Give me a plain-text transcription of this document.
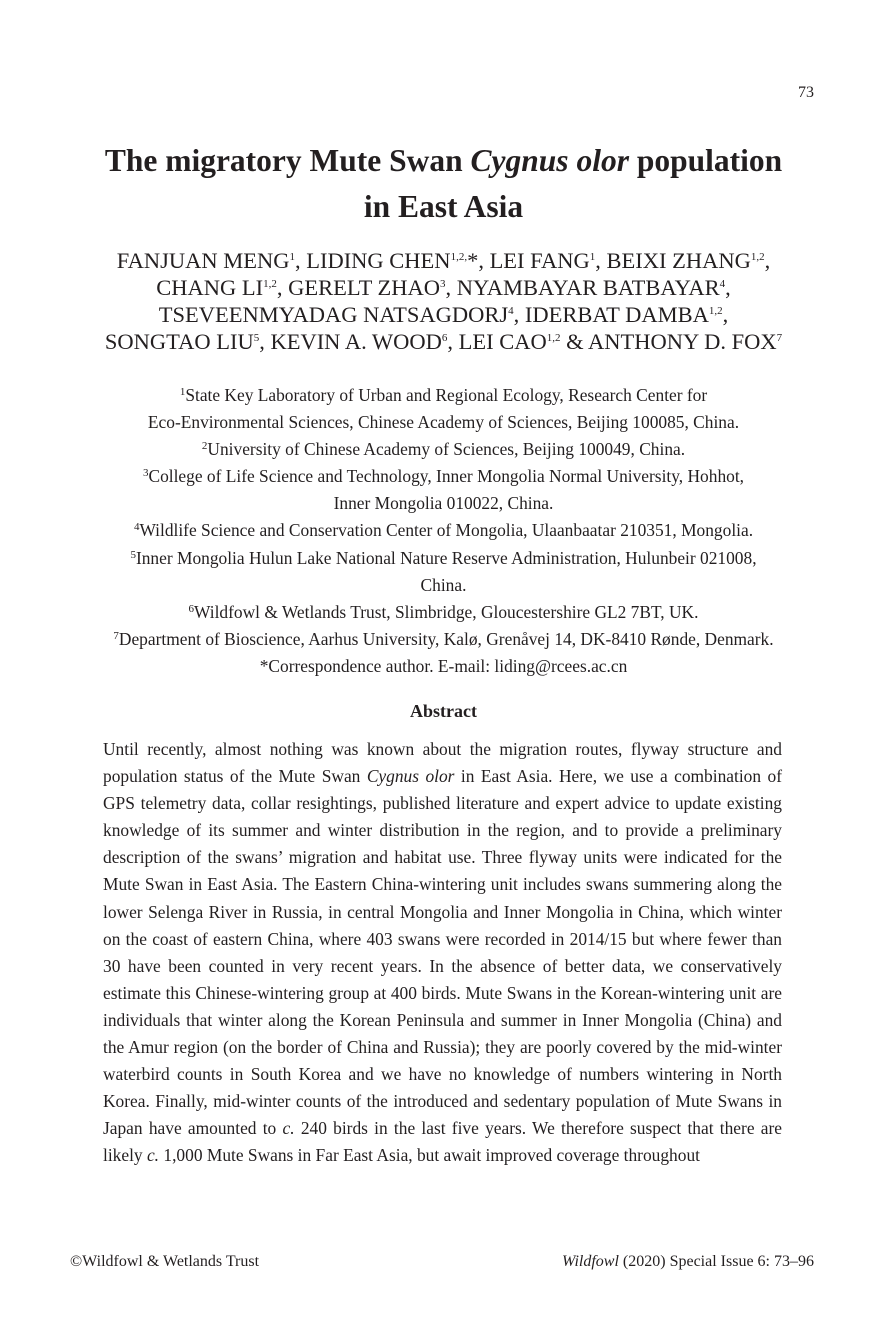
73
The migratory Mute Swan Cygnus olor population
in East Asia

FANJUAN MENG$^1$, LIDING $CHEN^{1,2,}*$, LEI FANG$^1$, BEIXI ZHANG$^{1,2}$,
CHANG LI$^{1,2}$, GERELT ZHAO$^3$, NYAMBAYAR BATBAYAR$^4$,
TSEVEENMYADAG NATSAGDORJ$^4$, IDERBAT DAMBA$^{1,2}$,
SONGTAO LIU$^5$, KEVIN A. WOOD$^6$, LEI CAO$^{1,2}$ & ANTHONY D. FOX$^7$

$^1$State Key Laboratory of Urban and Regional Ecology, Research Center for
Eco-Environmental Sciences, Chinese Academy of Sciences, Beijing 100085, China.
$^2$University of Chinese Academy of Sciences, Beijing 100049, China.
$^3$College of Life Science and Technology, Inner Mongolia Normal University, Hohhot,
Inner Mongolia 010022, China.
$^4$Wildlife Science and Conservation Center of Mongolia, Ulaanbaatar 210351, Mongolia.
$^5$Inner Mongolia Hulun Lake National Nature Reserve Administration, Hulunbeir 021008,
China.
$^6$Wildfowl & Wetlands Trust, Slimbridge, Gloucestershire GL2 7BT, UK.
$^7$Department of Bioscience, Aarhus University, Kalø, Grenåvej 14, DK-8410 Rønde, Denmark.
*Correspondence author. E-mail: liding@rcees.ac.cn

Abstract

Until recently, almost nothing was known about the migration routes, flyway structure and population status of the Mute Swan Cygnus olor in East Asia. Here, we use a combination of GPS telemetry data, collar resightings, published literature and expert advice to update existing knowledge of its summer and winter distribution in the region, and to provide a preliminary description of the swans’ migration and habitat use. Three flyway units were indicated for the Mute Swan in East Asia. The Eastern China-wintering unit includes swans summering along the lower Selenga River in Russia, in central Mongolia and Inner Mongolia in China, which winter on the coast of eastern China, where 403 swans were recorded in 2014/15 but where fewer than 30 have been counted in very recent years. In the absence of better data, we conservatively estimate this Chinese-wintering group at 400 birds. Mute Swans in the Korean-wintering unit are individuals that winter along the Korean Peninsula and summer in Inner Mongolia (China) and the Amur region (on the border of China and Russia); they are poorly covered by the mid-winter waterbird counts in South Korea and we have no knowledge of numbers wintering in North Korea. Finally, mid-winter counts of the introduced and sedentary population of Mute Swans in Japan have amounted to c. 240 birds in the last five years. We therefore suspect that there are likely c. 1,000 Mute Swans in Far East Asia, but await improved coverage throughout

©Wildfowl & Wetlands Trust	Wildfowl (2020) Special Issue 6: 73–96
